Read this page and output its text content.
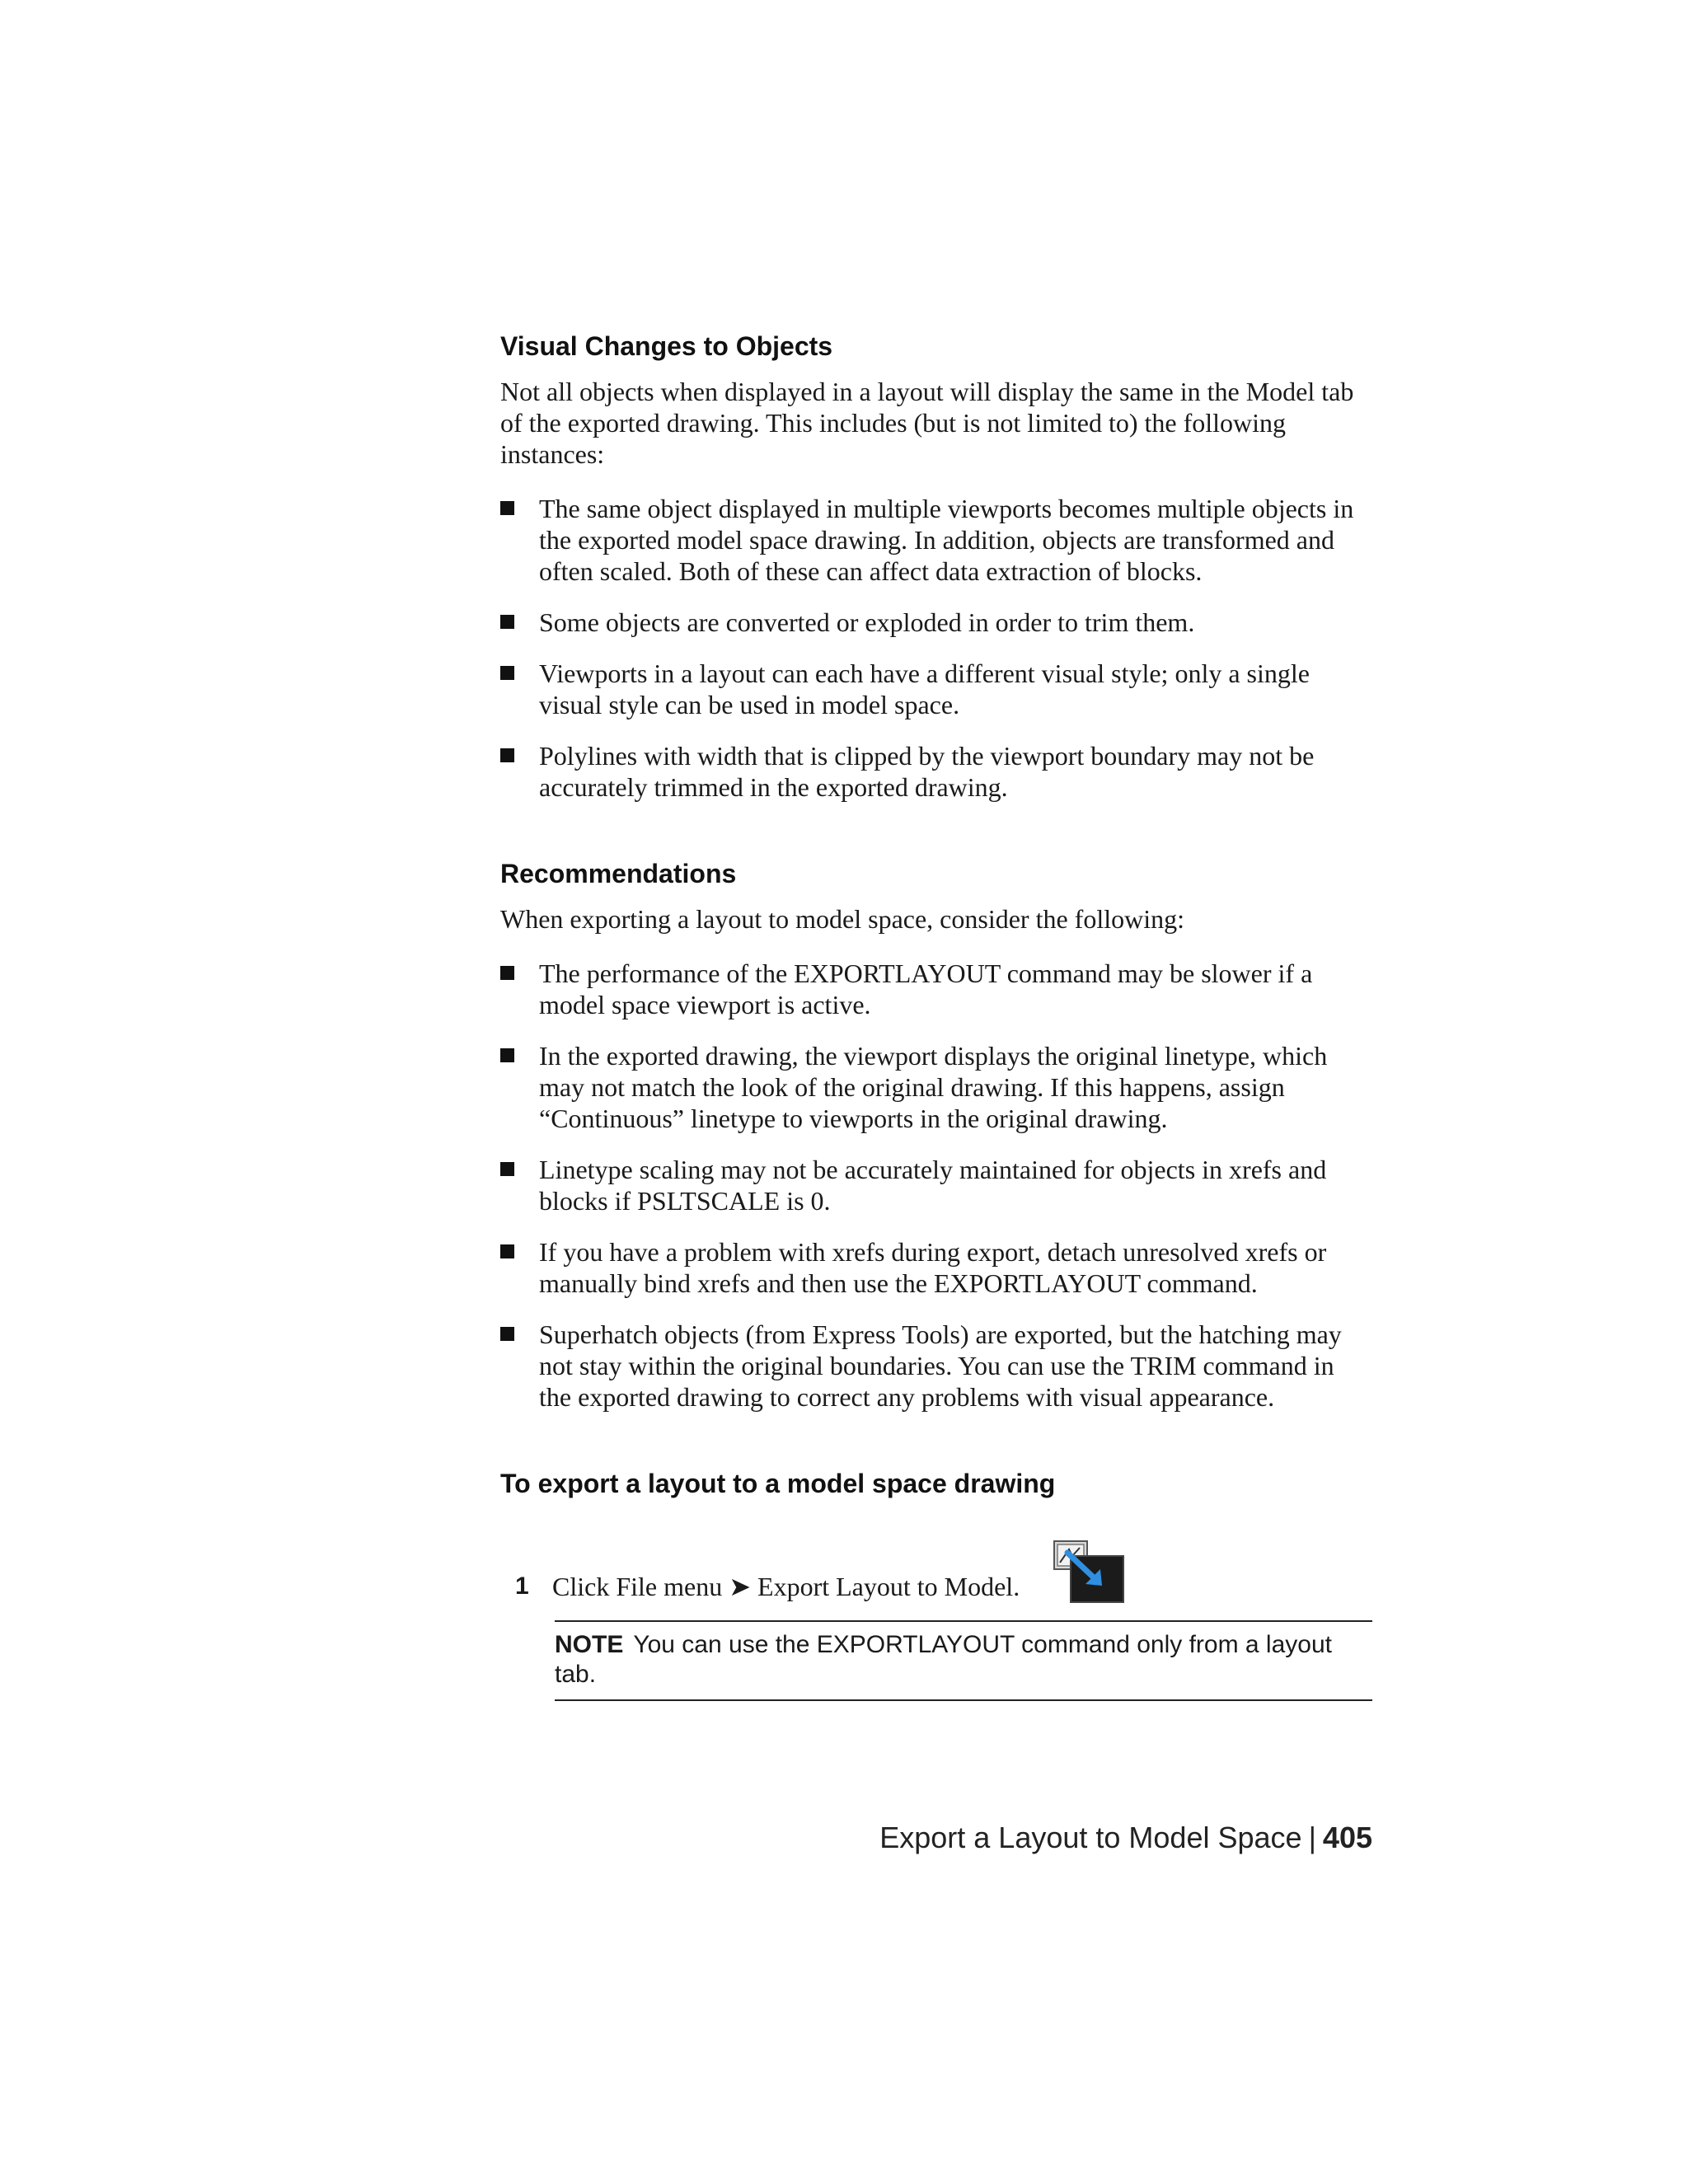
Visual Changes to Objects

Not all objects when displayed in a layout will display the same in the Model tab of the exported drawing. This includes (but is not limited to) the following instances:

The same object displayed in multiple viewports becomes multiple objects in the exported model space drawing. In addition, objects are transformed and often scaled. Both of these can affect data extraction of blocks.
Some objects are converted or exploded in order to trim them.
Viewports in a layout can each have a different visual style; only a single visual style can be used in model space.
Polylines with width that is clipped by the viewport boundary may not be accurately trimmed in the exported drawing.
Recommendations

When exporting a layout to model space, consider the following:

The performance of the EXPORTLAYOUT command may be slower if a model space viewport is active.
In the exported drawing, the viewport displays the original linetype, which may not match the look of the original drawing. If this happens, assign “Continuous” linetype to viewports in the original drawing.
Linetype scaling may not be accurately maintained for objects in xrefs and blocks if PSLTSCALE is 0.
If you have a problem with xrefs during export, detach unresolved xrefs or manually bind xrefs and then use the EXPORTLAYOUT command.
Superhatch objects (from Express Tools) are exported, but the hatching may not stay within the original boundaries. You can use the TRIM command in the exported drawing to correct any problems with visual appearance.
To export a layout to a model space drawing
1 Click File menu ➤ Export Layout to Model.
NOTE You can use the EXPORTLAYOUT command only from a layout tab.
Export a Layout to Model Space | 405
